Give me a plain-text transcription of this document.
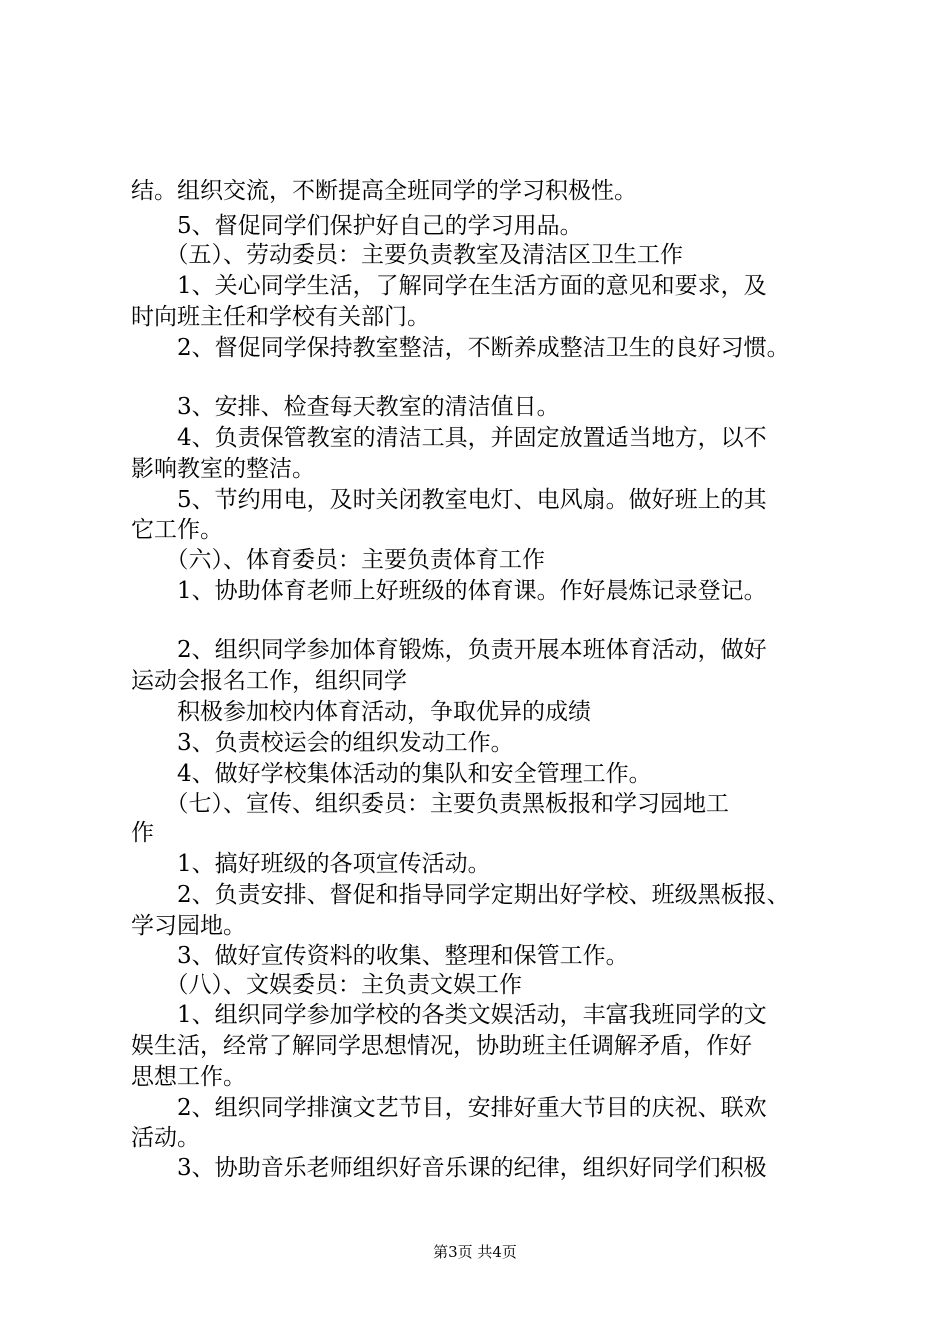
结。组织交流，不断提高全班同学的学习积极性。
　　5、督促同学们保护好自己的学习用品。
　　（五）、劳动委员：主要负责教室及清洁区卫生工作
　　1、关心同学生活，了解同学在生活方面的意见和要求，及
时向班主任和学校有关部门。
　　2、督促同学保持教室整洁，不断养成整洁卫生的良好习惯。
　　3、安排、检查每天教室的清洁值日。
　　4、负责保管教室的清洁工具，并固定放置适当地方，以不
影响教室的整洁。
　　5、节约用电，及时关闭教室电灯、电风扇。做好班上的其
它工作。
　　（六）、体育委员：主要负责体育工作
　　1、协助体育老师上好班级的体育课。作好晨炼记录登记。
　　2、组织同学参加体育锻炼，负责开展本班体育活动，做好
运动会报名工作，组织同学
　　积极参加校内体育活动，争取优异的成绩
　　3、负责校运会的组织发动工作。
　　4、做好学校集体活动的集队和安全管理工作。
　　（七）、宣传、组织委员：主要负责黑板报和学习园地工
作
　　1、搞好班级的各项宣传活动。
　　2、负责安排、督促和指导同学定期出好学校、班级黑板报、
学习园地。
　　3、做好宣传资料的收集、整理和保管工作。
　　（八）、文娱委员：主负责文娱工作
　　1、组织同学参加学校的各类文娱活动，丰富我班同学的文
娱生活，经常了解同学思想情况，协助班主任调解矛盾，作好
思想工作。
　　2、组织同学排演文艺节目，安排好重大节目的庆祝、联欢
活动。
　　3、协助音乐老师组织好音乐课的纪律，组织好同学们积极
第3页 共4页
